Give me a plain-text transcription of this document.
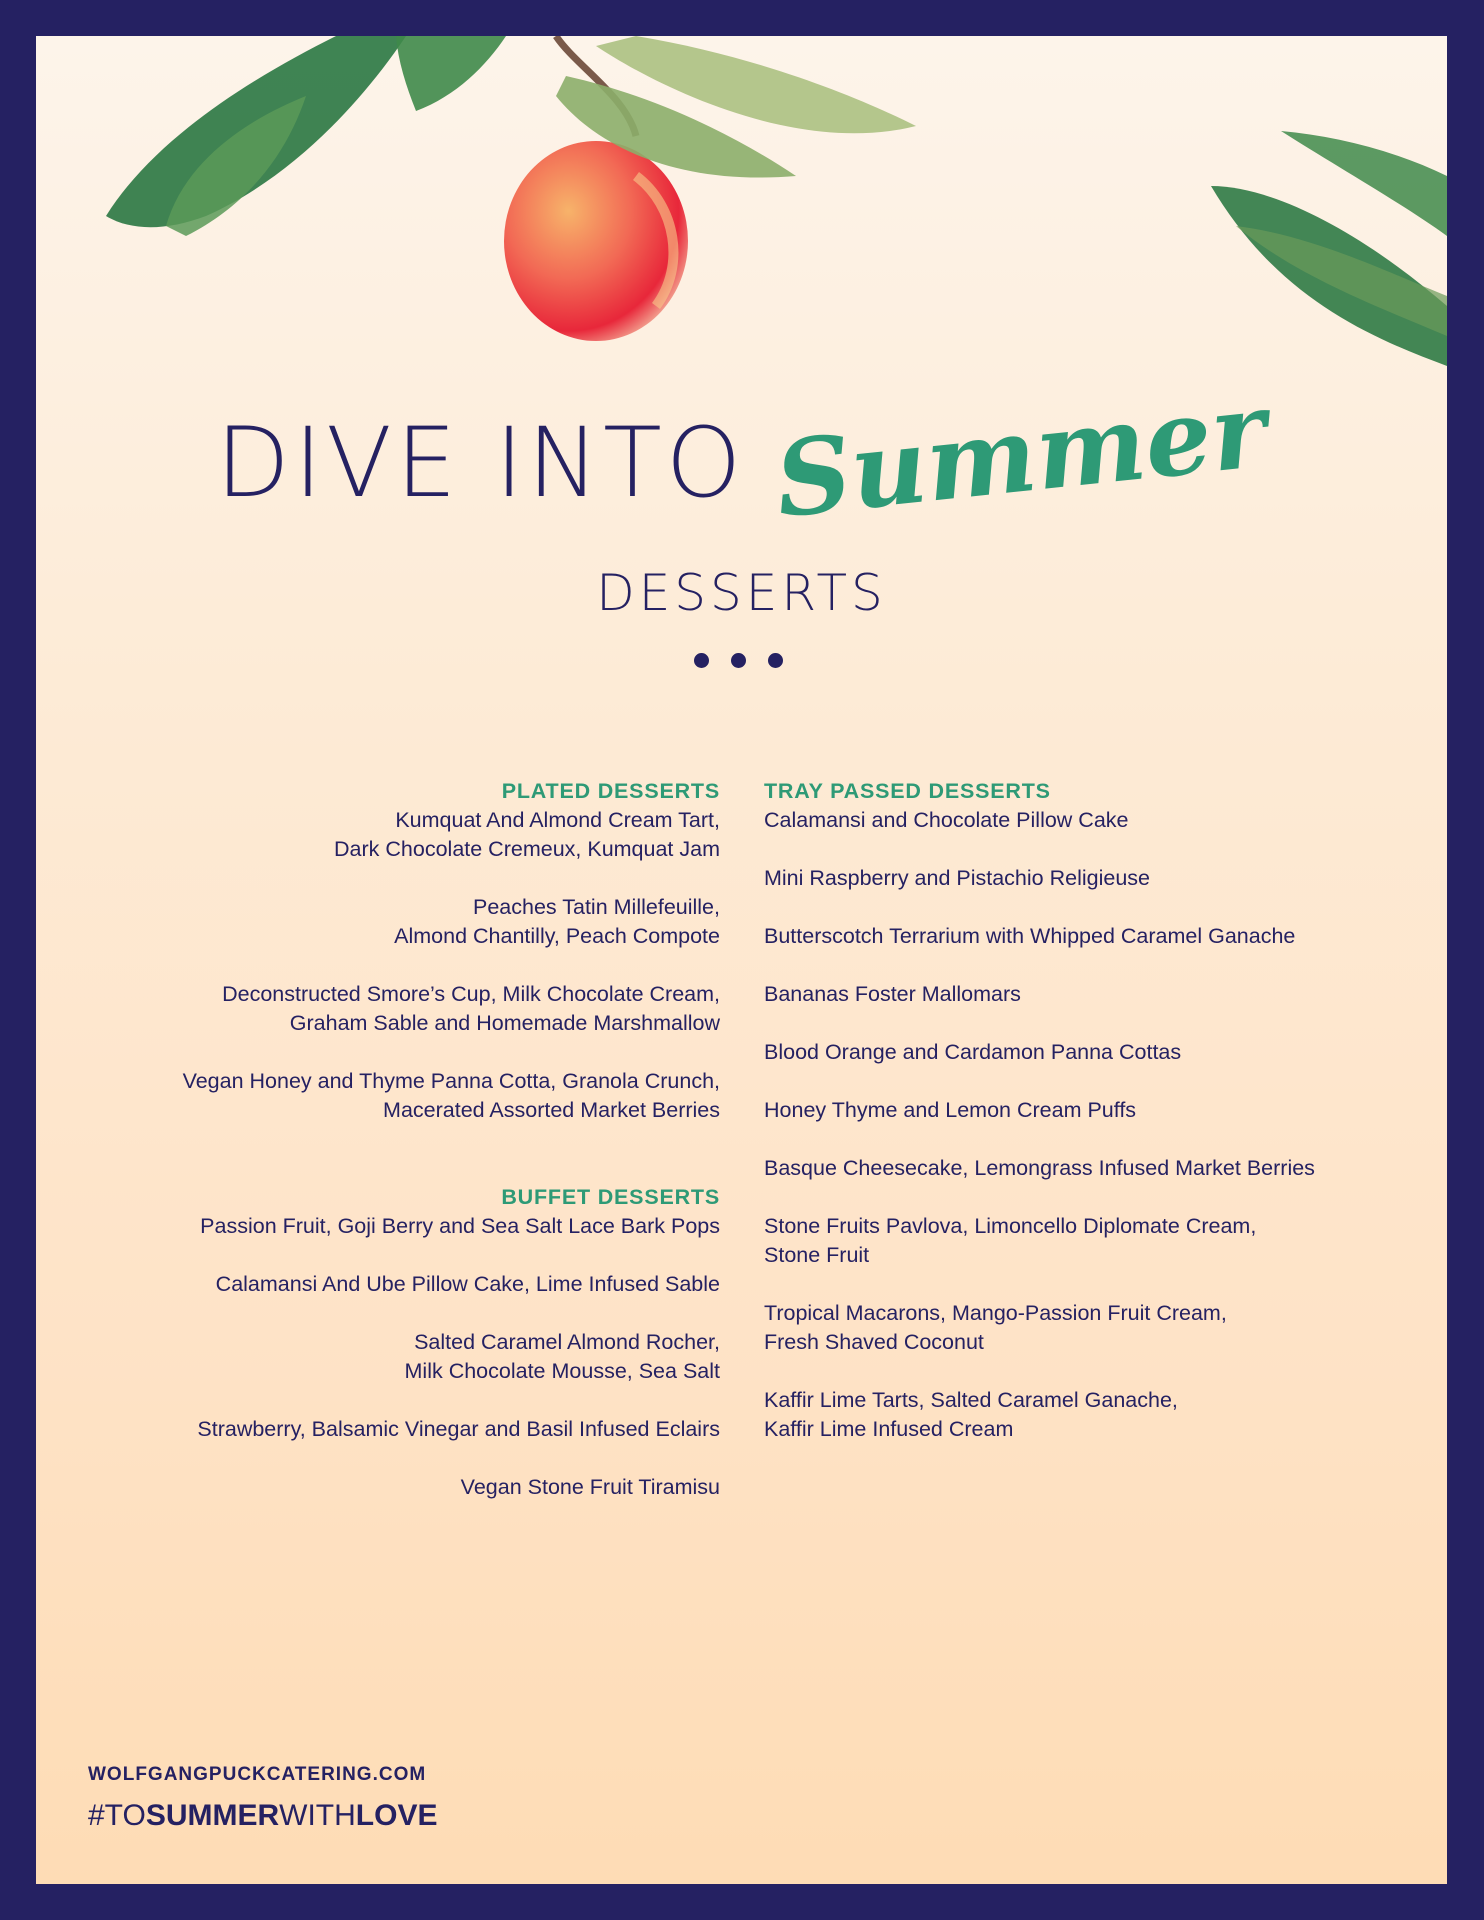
DIVE INTO Summer
DESSERTS
PLATED DESSERTS
Kumquat And Almond Cream Tart,
Dark Chocolate Cremeux, Kumquat Jam
Peaches Tatin Millefeuille,
Almond Chantilly, Peach Compote
Deconstructed Smore’s Cup, Milk Chocolate Cream,
Graham Sable and Homemade Marshmallow
Vegan Honey and Thyme Panna Cotta, Granola Crunch,
Macerated Assorted Market Berries
BUFFET DESSERTS
Passion Fruit, Goji Berry and Sea Salt Lace Bark Pops
Calamansi And Ube Pillow Cake, Lime Infused Sable
Salted Caramel Almond Rocher,
Milk Chocolate Mousse, Sea Salt
Strawberry, Balsamic Vinegar and Basil Infused Eclairs
Vegan Stone Fruit Tiramisu
TRAY PASSED DESSERTS
Calamansi and Chocolate Pillow Cake
Mini Raspberry and Pistachio Religieuse
Butterscotch Terrarium with Whipped Caramel Ganache
Bananas Foster Mallomars
Blood Orange and Cardamon Panna Cottas
Honey Thyme and Lemon Cream Puffs
Basque Cheesecake, Lemongrass Infused Market Berries
Stone Fruits Pavlova, Limoncello Diplomate Cream,
Stone Fruit
Tropical Macarons, Mango-Passion Fruit Cream,
Fresh Shaved Coconut
Kaffir Lime Tarts, Salted Caramel Ganache,
Kaffir Lime Infused Cream
WOLFGANGPUCKCATERING.COM
#TOSUMMERWITHLOVE
